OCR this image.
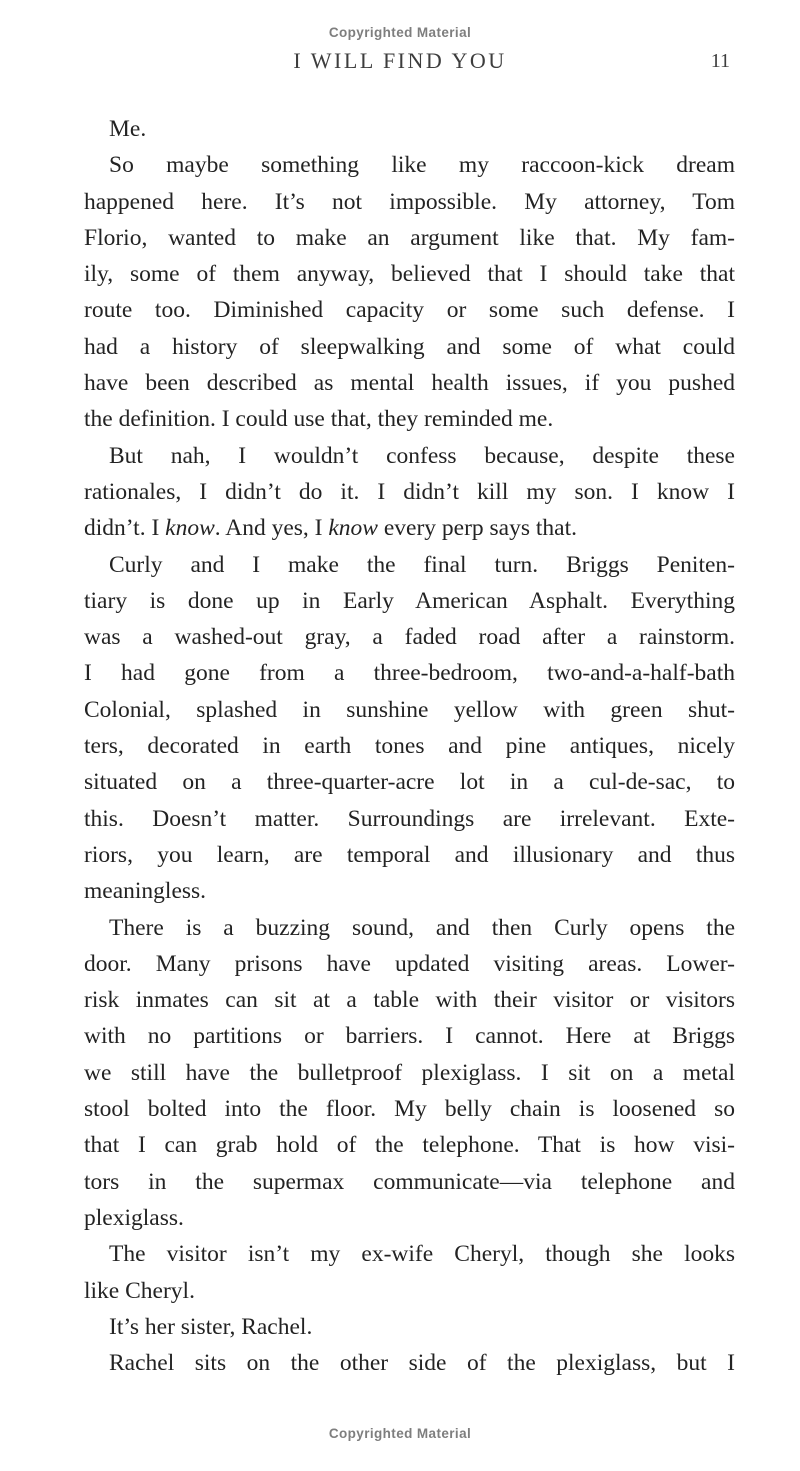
Copyrighted Material
I WILL FIND YOU	11
Me.
So maybe something like my raccoon-kick dream
happened here. It’s not impossible. My attorney, Tom
Florio, wanted to make an argument like that. My fam-
ily, some of them anyway, believed that I should take that
route too. Diminished capacity or some such defense. I
had a history of sleepwalking and some of what could
have been described as mental health issues, if you pushed
the definition. I could use that, they reminded me.
But nah, I wouldn’t confess because, despite these
rationales, I didn’t do it. I didn’t kill my son. I know I
didn’t. I know. And yes, I know every perp says that.
Curly and I make the final turn. Briggs Peniten-
tiary is done up in Early American Asphalt. Everything
was a washed-out gray, a faded road after a rainstorm.
I had gone from a three-bedroom, two-and-a-half-bath
Colonial, splashed in sunshine yellow with green shut-
ters, decorated in earth tones and pine antiques, nicely
situated on a three-quarter-acre lot in a cul-de-sac, to
this. Doesn’t matter. Surroundings are irrelevant. Exte-
riors, you learn, are temporal and illusionary and thus
meaningless.
There is a buzzing sound, and then Curly opens the
door. Many prisons have updated visiting areas. Lower-
risk inmates can sit at a table with their visitor or visitors
with no partitions or barriers. I cannot. Here at Briggs
we still have the bulletproof plexiglass. I sit on a metal
stool bolted into the floor. My belly chain is loosened so
that I can grab hold of the telephone. That is how visi-
tors in the supermax communicate—via telephone and
plexiglass.
The visitor isn’t my ex-wife Cheryl, though she looks
like Cheryl.
It’s her sister, Rachel.
Rachel sits on the other side of the plexiglass, but I
Copyrighted Material
